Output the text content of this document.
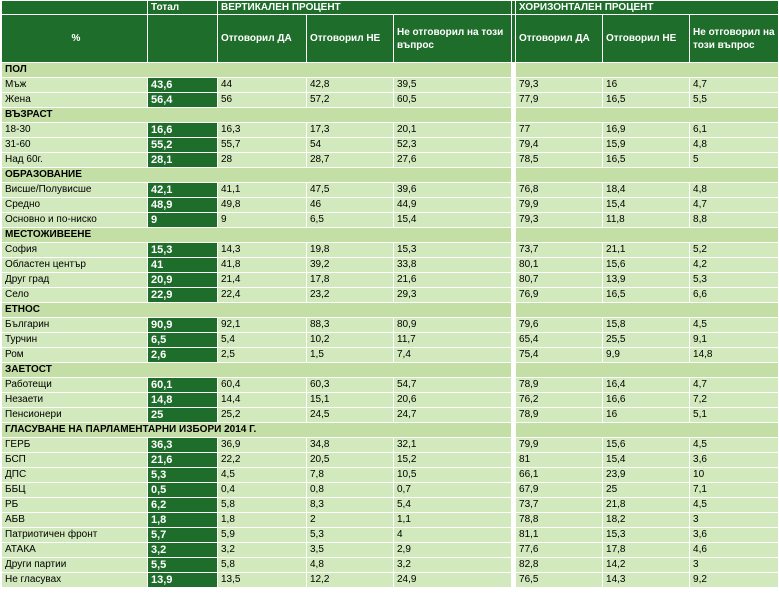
	Тотал	ВЕРТИКАЛЕН ПРОЦЕНТ				ХОРИЗОНТАЛЕН ПРОЦЕНТ		
%		Отговорил ДА	Отговорил НЕ	Не отговорил на този въпрос		Отговорил ДА	Отговорил НЕ	Не отговорил на този въпрос
ПОЛ								
Мъж	43,6	44	42,8	39,5		79,3	16	4,7
Жена	56,4	56	57,2	60,5		77,9	16,5	5,5
ВЪЗРАСТ								
18-30	16,6	16,3	17,3	20,1		77	16,9	6,1
31-60	55,2	55,7	54	52,3		79,4	15,9	4,8
Над 60г.	28,1	28	28,7	27,6		78,5	16,5	5
ОБРАЗОВАНИЕ								
Висше/Полувисше	42,1	41,1	47,5	39,6		76,8	18,4	4,8
Средно	48,9	49,8	46	44,9		79,9	15,4	4,7
Основно и по-ниско	9	9	6,5	15,4		79,3	11,8	8,8
МЕСТОЖИВЕЕНЕ								
София	15,3	14,3	19,8	15,3		73,7	21,1	5,2
Областен център	41	41,8	39,2	33,8		80,1	15,6	4,2
Друг град	20,9	21,4	17,8	21,6		80,7	13,9	5,3
Село	22,9	22,4	23,2	29,3		76,9	16,5	6,6
ЕТНОС								
Българин	90,9	92,1	88,3	80,9		79,6	15,8	4,5
Турчин	6,5	5,4	10,2	11,7		65,4	25,5	9,1
Ром	2,6	2,5	1,5	7,4		75,4	9,9	14,8
ЗАЕТОСТ								
Работещи	60,1	60,4	60,3	54,7		78,9	16,4	4,7
Незаети	14,8	14,4	15,1	20,6		76,2	16,6	7,2
Пенсионери	25	25,2	24,5	24,7		78,9	16	5,1
ГЛАСУВАНЕ НА ПАРЛАМЕНТАРНИ ИЗБОРИ 2014 Г.								
ГЕРБ	36,3	36,9	34,8	32,1		79,9	15,6	4,5
БСП	21,6	22,2	20,5	15,2		81	15,4	3,6
ДПС	5,3	4,5	7,8	10,5		66,1	23,9	10
ББЦ	0,5	0,4	0,8	0,7		67,9	25	7,1
РБ	6,2	5,8	8,3	5,4		73,7	21,8	4,5
АБВ	1,8	1,8	2	1,1		78,8	18,2	3
Патриотичен фронт	5,7	5,9	5,3	4		81,1	15,3	3,6
АТАКА	3,2	3,2	3,5	2,9		77,6	17,8	4,6
Други партии	5,5	5,8	4,8	3,2		82,8	14,2	3
Не гласувах	13,9	13,5	12,2	24,9		76,5	14,3	9,2
